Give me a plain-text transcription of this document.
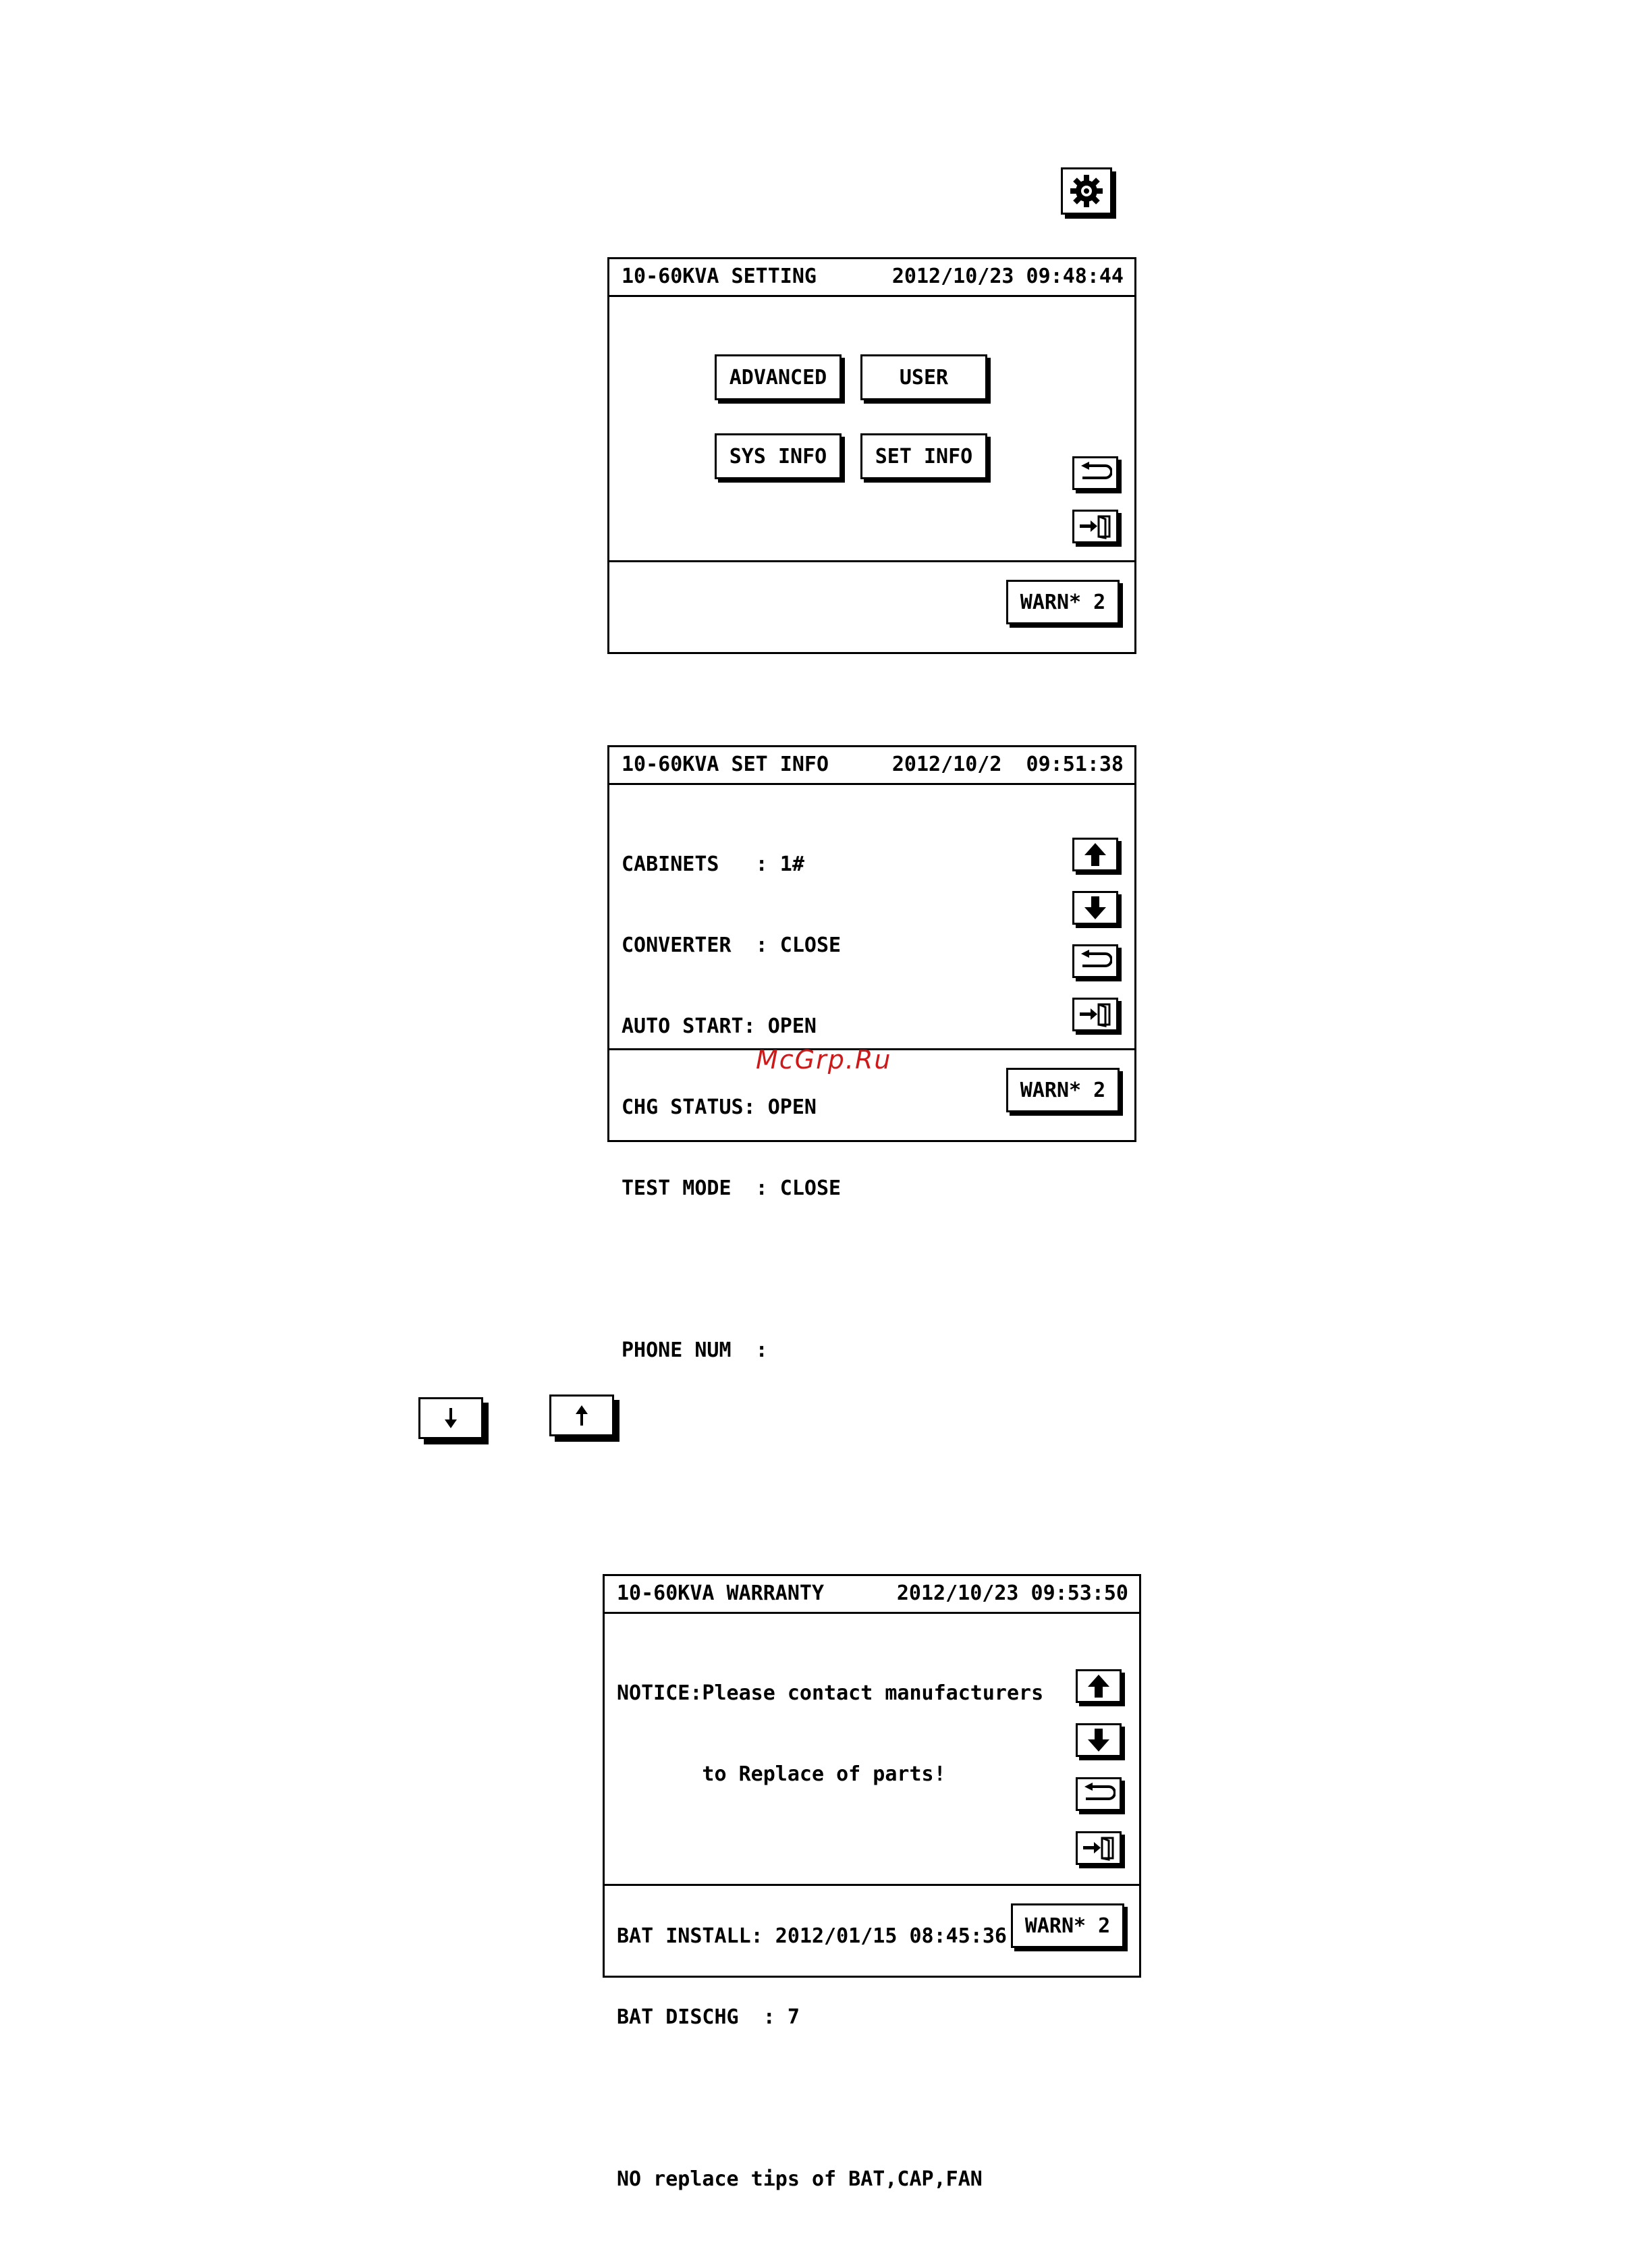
10-60KVA SETTING	2012/10/23 09:48:44
ADVANCED	USER
SYS INFO	SET INFO
WARN* 2
10-60KVA SET INFO	2012/10/2  09:51:38

CABINETS   : 1#

CONVERTER  : CLOSE

AUTO START: OPEN

CHG STATUS: OPEN

TEST MODE  : CLOSE

PHONE NUM  :

WARN* 2
McGrp.Ru
10-60KVA WARRANTY	2012/10/23 09:53:50

NOTICE:Please contact manufacturers

to Replace of parts!

BAT INSTALL: 2012/01/15 08:45:36

BAT DISCHG  : 7

NO replace tips of BAT,CAP,FAN

WARN* 2
